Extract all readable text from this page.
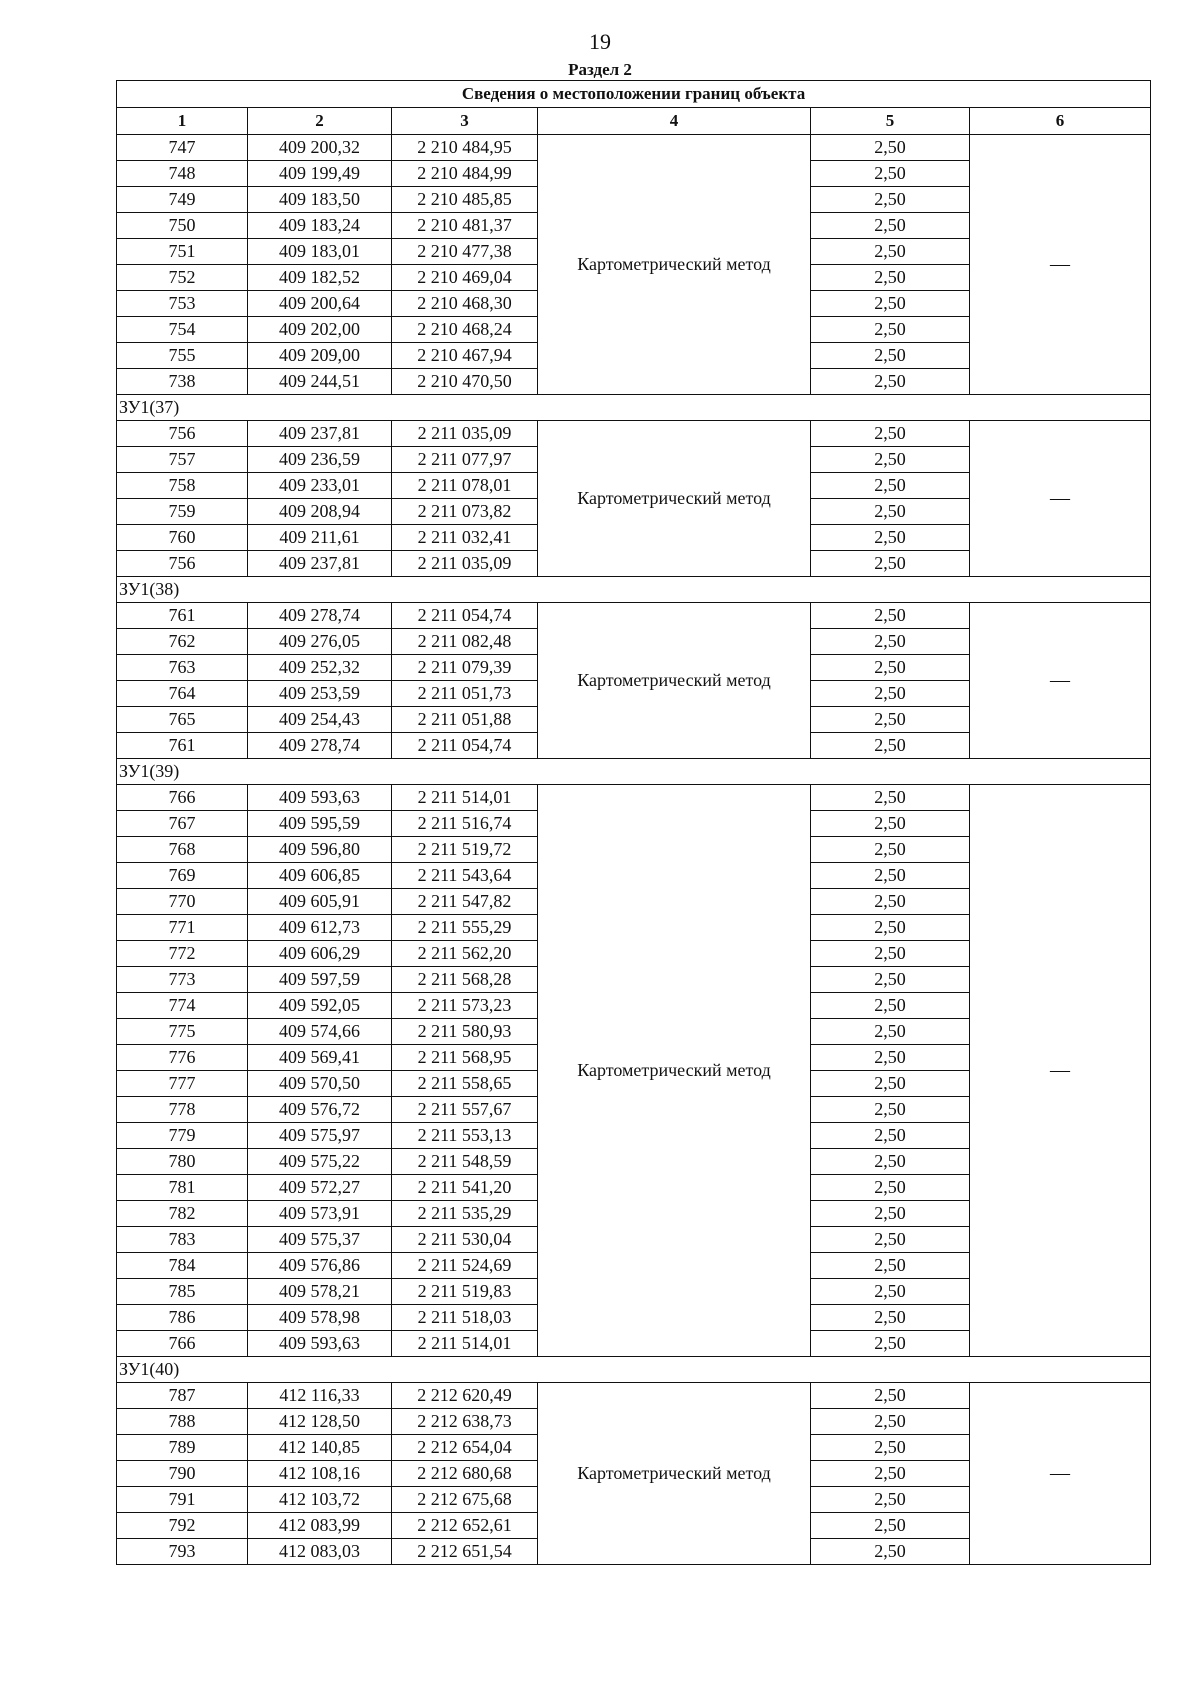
19
Раздел 2
Сведения о местоположении границ объекта					
1	2	3	4	5	6
747	409 200,32	2 210 484,95	Картометрический метод	2,50	—
748	409 199,49	2 210 484,99		2,50	
749	409 183,50	2 210 485,85		2,50	
750	409 183,24	2 210 481,37		2,50	
751	409 183,01	2 210 477,38		2,50	
752	409 182,52	2 210 469,04		2,50	
753	409 200,64	2 210 468,30		2,50	
754	409 202,00	2 210 468,24		2,50	
755	409 209,00	2 210 467,94		2,50	
738	409 244,51	2 210 470,50		2,50	
ЗУ1(37)					
756	409 237,81	2 211 035,09	Картометрический метод	2,50	—
757	409 236,59	2 211 077,97		2,50	
758	409 233,01	2 211 078,01		2,50	
759	409 208,94	2 211 073,82		2,50	
760	409 211,61	2 211 032,41		2,50	
756	409 237,81	2 211 035,09		2,50	
ЗУ1(38)					
761	409 278,74	2 211 054,74	Картометрический метод	2,50	—
762	409 276,05	2 211 082,48		2,50	
763	409 252,32	2 211 079,39		2,50	
764	409 253,59	2 211 051,73		2,50	
765	409 254,43	2 211 051,88		2,50	
761	409 278,74	2 211 054,74		2,50	
ЗУ1(39)					
766	409 593,63	2 211 514,01	Картометрический метод	2,50	—
767	409 595,59	2 211 516,74		2,50	
768	409 596,80	2 211 519,72		2,50	
769	409 606,85	2 211 543,64		2,50	
770	409 605,91	2 211 547,82		2,50	
771	409 612,73	2 211 555,29		2,50	
772	409 606,29	2 211 562,20		2,50	
773	409 597,59	2 211 568,28		2,50	
774	409 592,05	2 211 573,23		2,50	
775	409 574,66	2 211 580,93		2,50	
776	409 569,41	2 211 568,95		2,50	
777	409 570,50	2 211 558,65		2,50	
778	409 576,72	2 211 557,67		2,50	
779	409 575,97	2 211 553,13		2,50	
780	409 575,22	2 211 548,59		2,50	
781	409 572,27	2 211 541,20		2,50	
782	409 573,91	2 211 535,29		2,50	
783	409 575,37	2 211 530,04		2,50	
784	409 576,86	2 211 524,69		2,50	
785	409 578,21	2 211 519,83		2,50	
786	409 578,98	2 211 518,03		2,50	
766	409 593,63	2 211 514,01		2,50	
ЗУ1(40)					
787	412 116,33	2 212 620,49	Картометрический метод	2,50	—
788	412 128,50	2 212 638,73		2,50	
789	412 140,85	2 212 654,04		2,50	
790	412 108,16	2 212 680,68		2,50	
791	412 103,72	2 212 675,68		2,50	
792	412 083,99	2 212 652,61		2,50	
793	412 083,03	2 212 651,54		2,50	
